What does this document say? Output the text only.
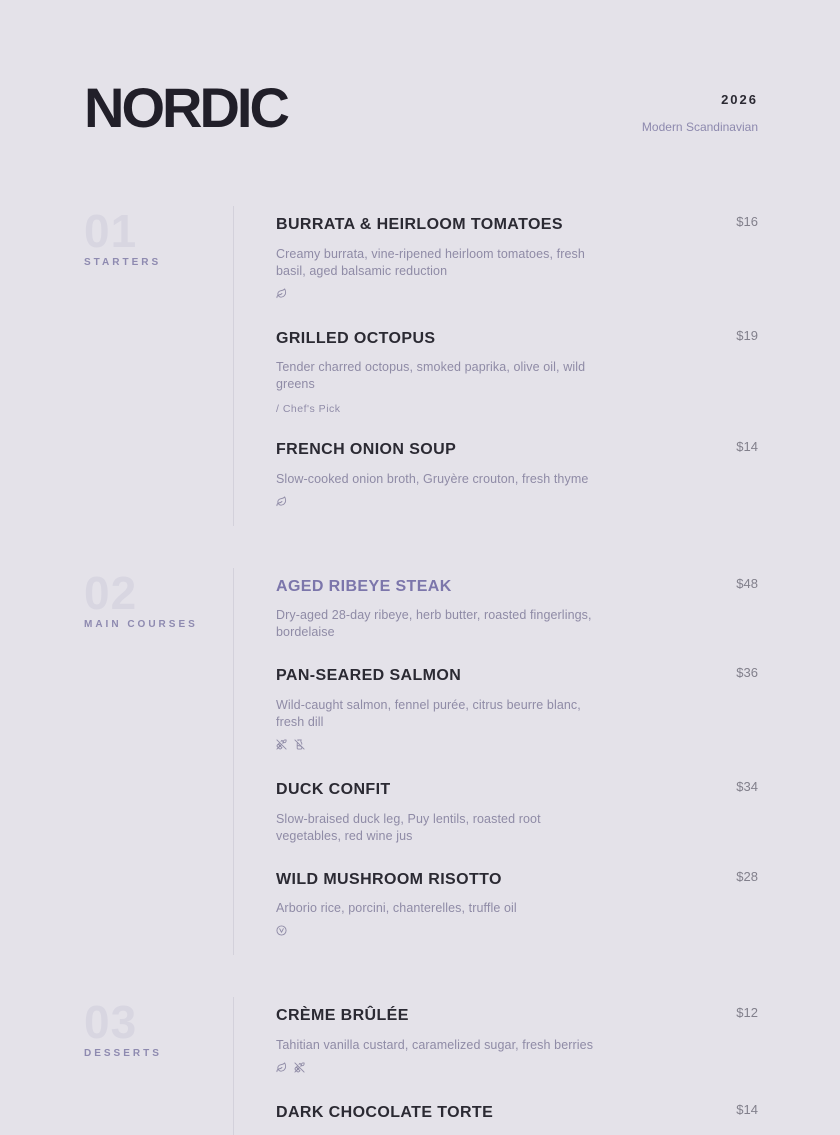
NORDIC	2026
Modern Scandinavian
01
STARTERS
BURRATA & HEIRLOOM TOMATOES	$16
Creamy burrata, vine-ripened heirloom tomatoes, fresh basil, aged balsamic reduction
GRILLED OCTOPUS	$19
Tender charred octopus, smoked paprika, olive oil, wild greens
/ Chef's Pick
FRENCH ONION SOUP	$14
Slow-cooked onion broth, Gruyère crouton, fresh thyme
02
MAIN COURSES
AGED RIBEYE STEAK	$48
Dry-aged 28-day ribeye, herb butter, roasted fingerlings, bordelaise
PAN-SEARED SALMON	$36
Wild-caught salmon, fennel purée, citrus beurre blanc, fresh dill
DUCK CONFIT	$34
Slow-braised duck leg, Puy lentils, roasted root vegetables, red wine jus
WILD MUSHROOM RISOTTO	$28
Arborio rice, porcini, chanterelles, truffle oil
03
DESSERTS
CRÈME BRÛLÉE	$12
Tahitian vanilla custard, caramelized sugar, fresh berries
DARK CHOCOLATE TORTE	$14
